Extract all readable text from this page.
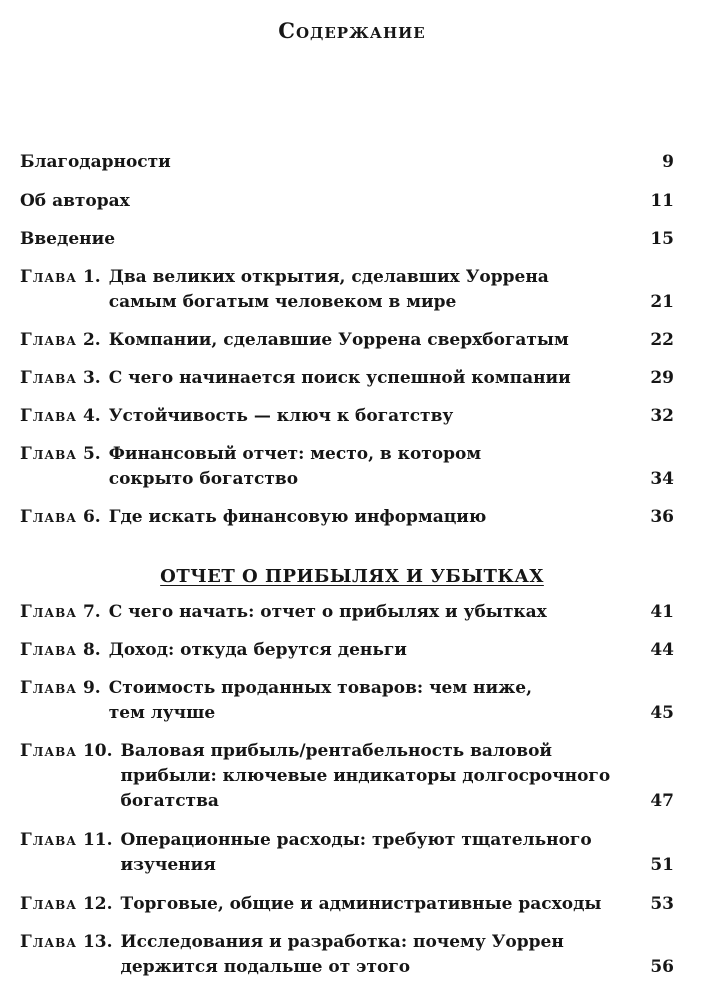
Содержание
Благодарности	9
Об авторах	11
Введение	15
Глава 1. Два великих открытия, сделавших Уоррена
самым богатым человеком в мире	21
Глава 2. Компании, сделавшие Уоррена сверхбогатым	22
Глава 3. С чего начинается поиск успешной компании	29
Глава 4. Устойчивость — ключ к богатству	32
Глава 5. Финансовый отчет: место, в котором
сокрыто богатство	34
Глава 6. Где искать финансовую информацию	36
ОТЧЕТ О ПРИБЫЛЯХ И УБЫТКАХ
Глава 7. С чего начать: отчет о прибылях и убытках	41
Глава 8. Доход: откуда берутся деньги	44
Глава 9. Стоимость проданных товаров: чем ниже,
тем лучше	45
Глава 10. Валовая прибыль/рентабельность валовой
прибыли: ключевые индикаторы долгосрочного
богатства	47
Глава 11. Операционные расходы: требуют тщательного
изучения	51
Глава 12. Торговые, общие и административные расходы	53
Глава 13. Исследования и разработка: почему Уоррен
держится подальше от этого	56
